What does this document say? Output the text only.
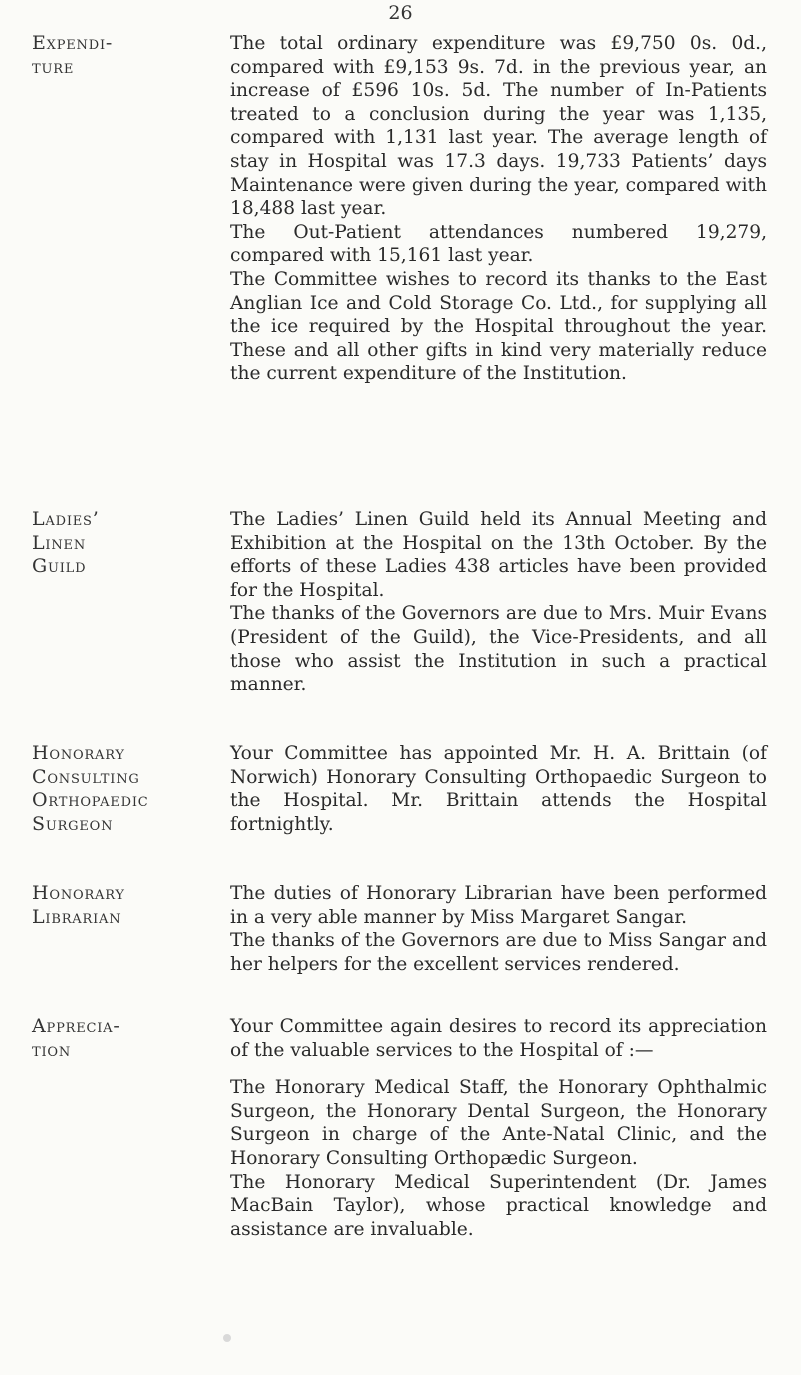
26
Expendi-
ture

The total ordinary expenditure was £9,750 0s. 0d., compared with £9,153 9s. 7d. in the previous year, an increase of £596 10s. 5d. The number of In-Patients treated to a conclusion during the year was 1,135, compared with 1,131 last year. The average length of stay in Hospital was 17.3 days. 19,733 Patients’ days Maintenance were given during the year, compared with 18,488 last year.

The Out-Patient attendances numbered 19,279, compared with 15,161 last year.

The Committee wishes to record its thanks to the East Anglian Ice and Cold Storage Co. Ltd., for supplying all the ice required by the Hospital throughout the year. These and all other gifts in kind very materially reduce the current expenditure of the Institution.

Ladies’
Linen
Guild

The Ladies’ Linen Guild held its Annual Meeting and Exhibition at the Hospital on the 13th October. By the efforts of these Ladies 438 articles have been provided for the Hospital.

The thanks of the Governors are due to Mrs. Muir Evans (President of the Guild), the Vice-Presidents, and all those who assist the Institution in such a practical manner.

Honorary
Consulting
Orthopaedic
Surgeon

Your Committee has appointed Mr. H. A. Brittain (of Norwich) Honorary Consulting Orthopaedic Surgeon to the Hospital. Mr. Brittain attends the Hospital fortnightly.

Honorary
Librarian

The duties of Honorary Librarian have been performed in a very able manner by Miss Margaret Sangar.

The thanks of the Governors are due to Miss Sangar and her helpers for the excellent services rendered.

Apprecia-
tion

Your Committee again desires to record its appreciation of the valuable services to the Hospital of :—

The Honorary Medical Staff, the Honorary Ophthalmic Surgeon, the Honorary Dental Surgeon, the Honorary Surgeon in charge of the Ante-Natal Clinic, and the Honorary Consulting Orthopædic Surgeon.

The Honorary Medical Superintendent (Dr. James MacBain Taylor), whose practical knowledge and assistance are invaluable.
